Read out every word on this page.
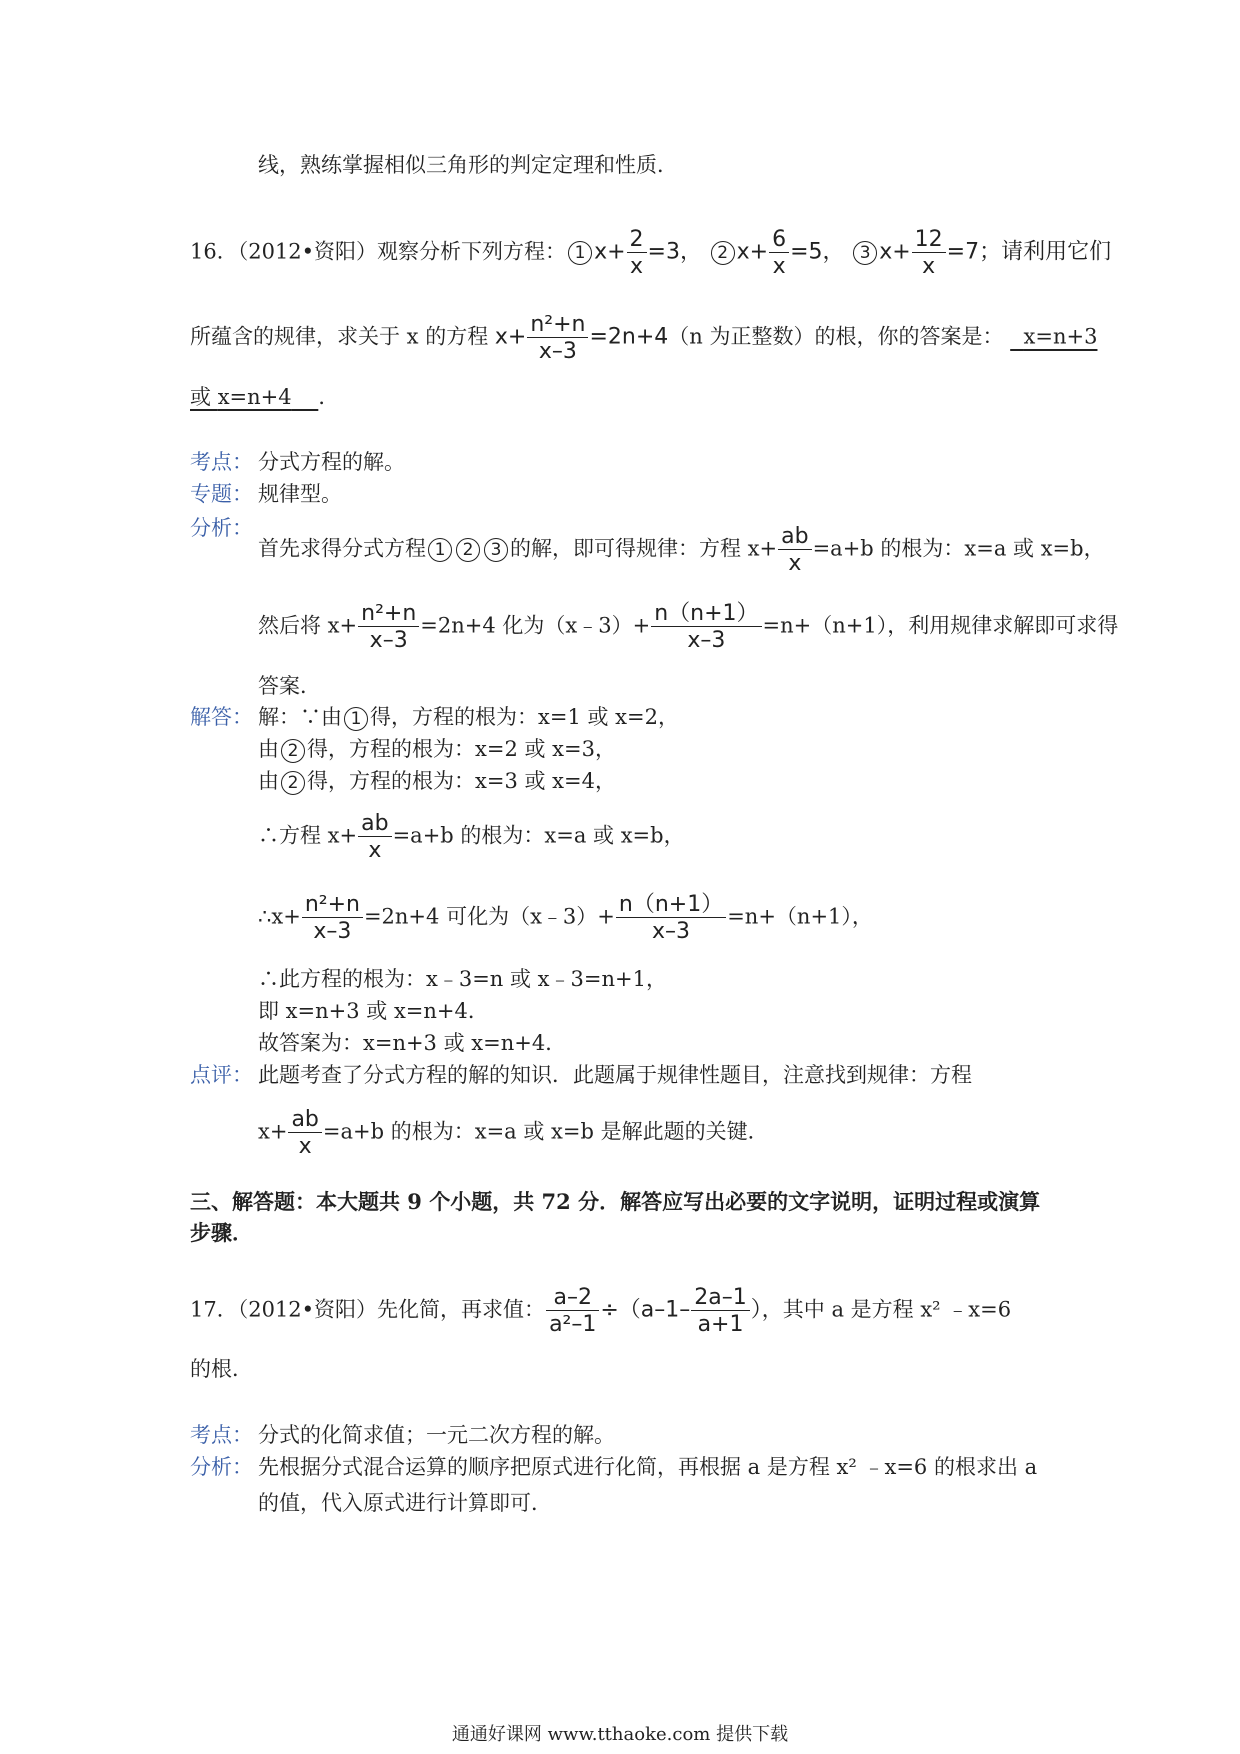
线，熟练掌握相似三角形的判定定理和性质．
16．（2012•资阳）观察分析下列方程： 1 $x+ \frac{2}{x} =3$， 2 $x+ \frac{6}{x} =5$， 3 $x+ \frac{12}{x} =7$；请利用它们
所蕴含的规律，求关于 x 的方程 $x+ \frac{\text{n²+n}}{x-3} =2n+4(n$ 为正整数）的根，你的答案是： x=n+3
或 x=n+4 ．
考点： 分式方程的解。
专题： 规律型。
分析：
首先求得分式方程 1 2 3 的解，即可得规律：方程 $x+ \frac{ab}{x} =a+b$ 的根为：x=a 或 x=b，
然后将 $x+ \frac{\text{n²+n}}{x-3} =2n+4$ 化为（x﹣3）+ $\frac{n(n+1)}{x-3} =n+(n+1)$，利用规律求解即可求得
答案．
解答： 解：∵由 1 得，方程的根为：x=1 或 x=2，
由 2 得，方程的根为：x=2 或 x=3，
由 2 得，方程的根为：x=3 或 x=4，
∴方程 $x+ \frac{ab}{x} =a+b$ 的根为：x=a 或 x=b，
∴x+ $\frac{\text{n²+n}}{x-3} =2n+4$ 可化为（x﹣3）+ $\frac{n(n+1)}{x-3} =n+(n+1)$，
∴此方程的根为：x﹣3=n 或 x﹣3=n+1，
即 x=n+3 或 x=n+4．
故答案为：x=n+3 或 x=n+4．
点评： 此题考查了分式方程的解的知识．此题属于规律性题目，注意找到规律：方程
$x+ \frac{ab}{x} =a+b$ 的根为：x=a 或 x=b 是解此题的关键．
三、解答题：本大题共 9 个小题，共 72 分．解答应写出必要的文字说明，证明过程或演算
步骤．
17．（2012•资阳）先化简，再求值： $\frac{a-2}{\text{a²–1}} \div(a-1- \frac{2a-1}{a+1}$ ），其中 a 是方程 x² ﹣x=6
的根．
考点： 分式的化简求值；一元二次方程的解。
分析： 先根据分式混合运算的顺序把原式进行化简，再根据 a 是方程 x² ﹣x=6 的根求出 a
的值，代入原式进行计算即可．
通通好课网 www.tthaoke.com 提供下载
